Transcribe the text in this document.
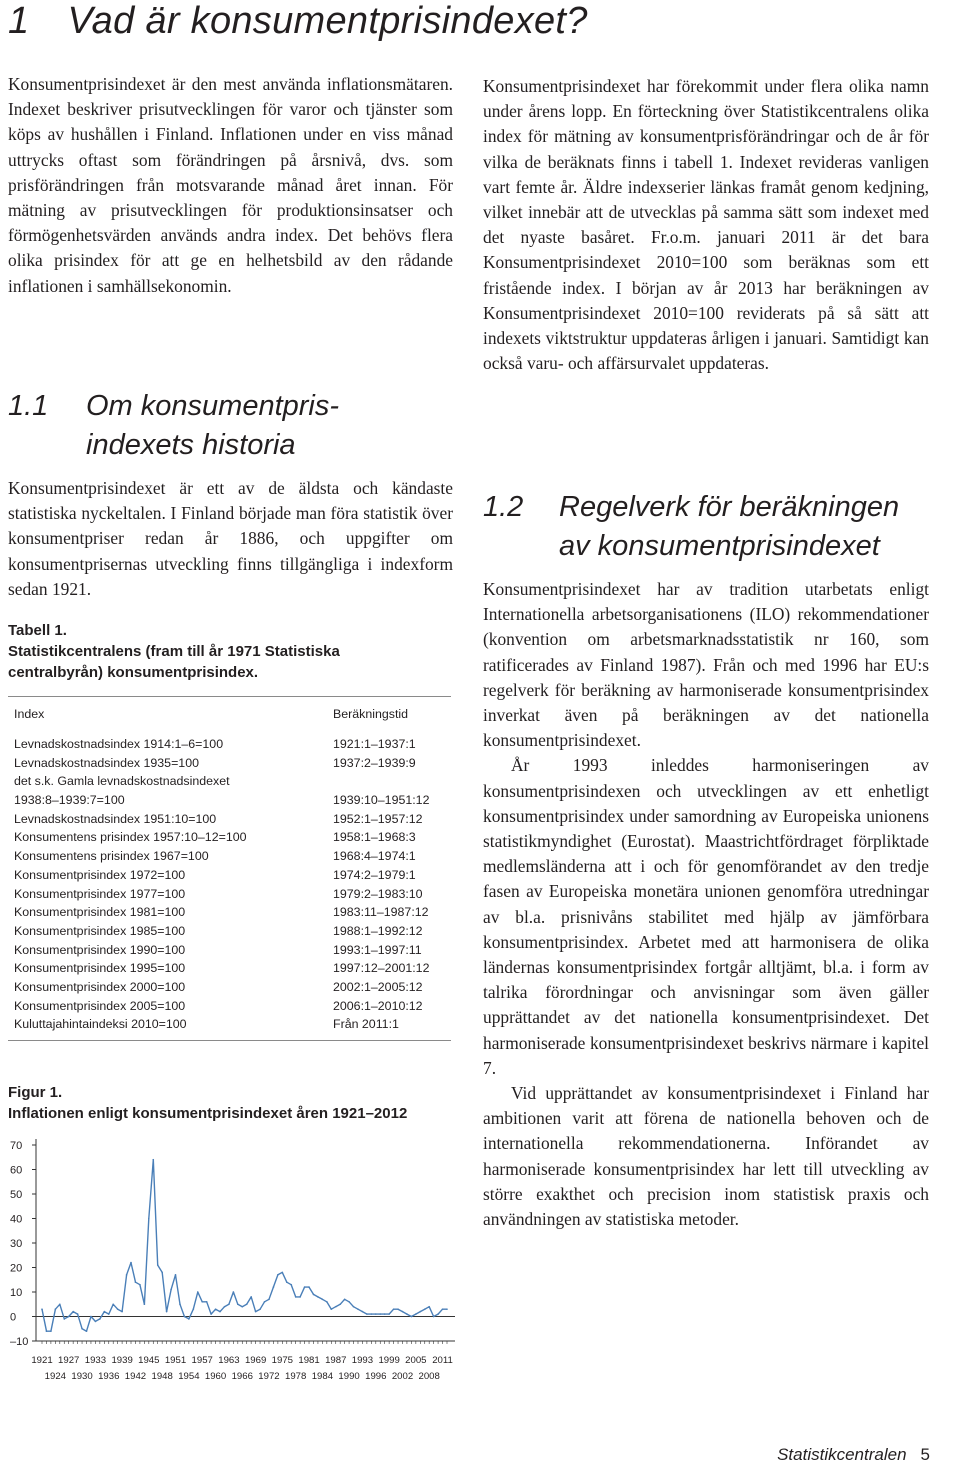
1 Vad är konsumentprisindexet?

Konsumentprisindexet är den mest använda inflationsmätaren. Indexet beskriver prisutvecklingen för varor och tjänster som köps av hushållen i Finland. Inflationen under en viss månad uttrycks oftast som förändringen på årsnivå, dvs. som prisförändringen från motsvarande månad året innan. För mätning av prisutvecklingen för produktionsinsatser och förmögenhetsvärden används andra index. Det behövs flera olika prisindex för att ge en helhetsbild av den rådande inflationen i samhällsekonomin.

1.1 Om konsumentpris-
indexets historia

Konsumentprisindexet är ett av de äldsta och kändaste statistiska nyckeltalen. I Finland började man föra statistik över konsumentpriser redan år 1886, och uppgifter om konsumentprisernas utveckling finns tillgängliga i indexform sedan 1921.

Tabell 1.
Statistikcentralens (fram till år 1971 Statistiska
centralbyrån) konsumentprisindex.
Index	Beräkningstid
Levnadskostnadsindex 1914:1–6=100	1921:1–1937:1
Levnadskostnadsindex 1935=100	1937:2–1939:9
det s.k. Gamla levnadskostnadsindexet
1938:8–1939:7=100	1939:10–1951:12
Levnadskostnadsindex 1951:10=100	1952:1–1957:12
Konsumentens prisindex 1957:10–12=100	1958:1–1968:3
Konsumentens prisindex 1967=100	1968:4–1974:1
Konsumentprisindex 1972=100	1974:2–1979:1
Konsumentprisindex 1977=100	1979:2–1983:10
Konsumentprisindex 1981=100	1983:11–1987:12
Konsumentprisindex 1985=100	1988:1–1992:12
Konsumentprisindex 1990=100	1993:1–1997:11
Konsumentprisindex 1995=100	1997:12–2001:12
Konsumentprisindex 2000=100	2002:1–2005:12
Konsumentprisindex 2005=100	2006:1–2010:12
Kuluttajahintaindeksi 2010=100	Från 2011:1
Figur 1.
Inflationen enligt konsumentprisindexet åren 1921–2012
70
60
50
40
30
20
10
0
–10
1921 1927 1933 1939 1945 1951 1957 1963 1969 1975 1981 1987 1993 1999 2005 2011
1924 1930 1936 1942 1948 1954 1960 1966 1972 1978 1984 1990 1996 2002 2008

Konsumentprisindexet har förekommit under flera olika namn under årens lopp. En förteckning över Statistikcentralens olika index för mätning av konsumentprisförändringar och de år för vilka de beräknats finns i tabell 1. Indexet revideras vanligen vart femte år. Äldre indexserier länkas framåt genom kedjning, vilket innebär att de utvecklas på samma sätt som indexet med det nyaste basåret. Fr.o.m. januari 2011 är det bara Konsumentprisindexet 2010=100 som beräknas som ett fristående index. I början av år 2013 har beräkningen av Konsumentprisindexet 2010=100 reviderats på så sätt att indexets viktstruktur uppdateras årligen i januari. Samtidigt kan också varu- och affärsurvalet uppdateras.

1.2 Regelverk för beräkningen
av konsumentprisindexet

Konsumentprisindexet har av tradition utarbetats enligt Internationella arbetsorganisationens (ILO) rekommendationer (konvention om arbetsmarknadsstatistik nr 160, som ratificerades av Finland 1987). Från och med 1996 har EU:s regelverk för beräkning av harmoniserade konsumentprisindex inverkat även på beräkningen av det nationella konsumentprisindexet.

År 1993 inleddes harmoniseringen av konsumentprisindexen och utvecklingen av ett enhetligt konsumentprisindex under samordning av Europeiska unionens statistikmyndighet (Eurostat). Maastrichtfördraget förpliktade medlemsländerna att i och för genomförandet av den tredje fasen av Europeiska monetära unionen genomföra utredningar av bl.a. prisnivåns stabilitet med hjälp av jämförbara konsumentprisindex. Arbetet med att harmonisera de olika ländernas konsumentprisindex fortgår alltjämt, bl.a. i form av talrika förordningar och anvisningar som även gäller upprättandet av det nationella konsumentprisindexet. Det harmoniserade konsumentprisindexet beskrivs närmare i kapitel 7.

Vid upprättandet av konsumentprisindexet i Finland har ambitionen varit att förena de nationella behoven och de internationella rekommendationerna. Införandet av harmoniserade konsumentprisindex har lett till utveckling av större exakthet och precision inom statistisk praxis och användningen av statistiska metoder.

Statistikcentralen 5
